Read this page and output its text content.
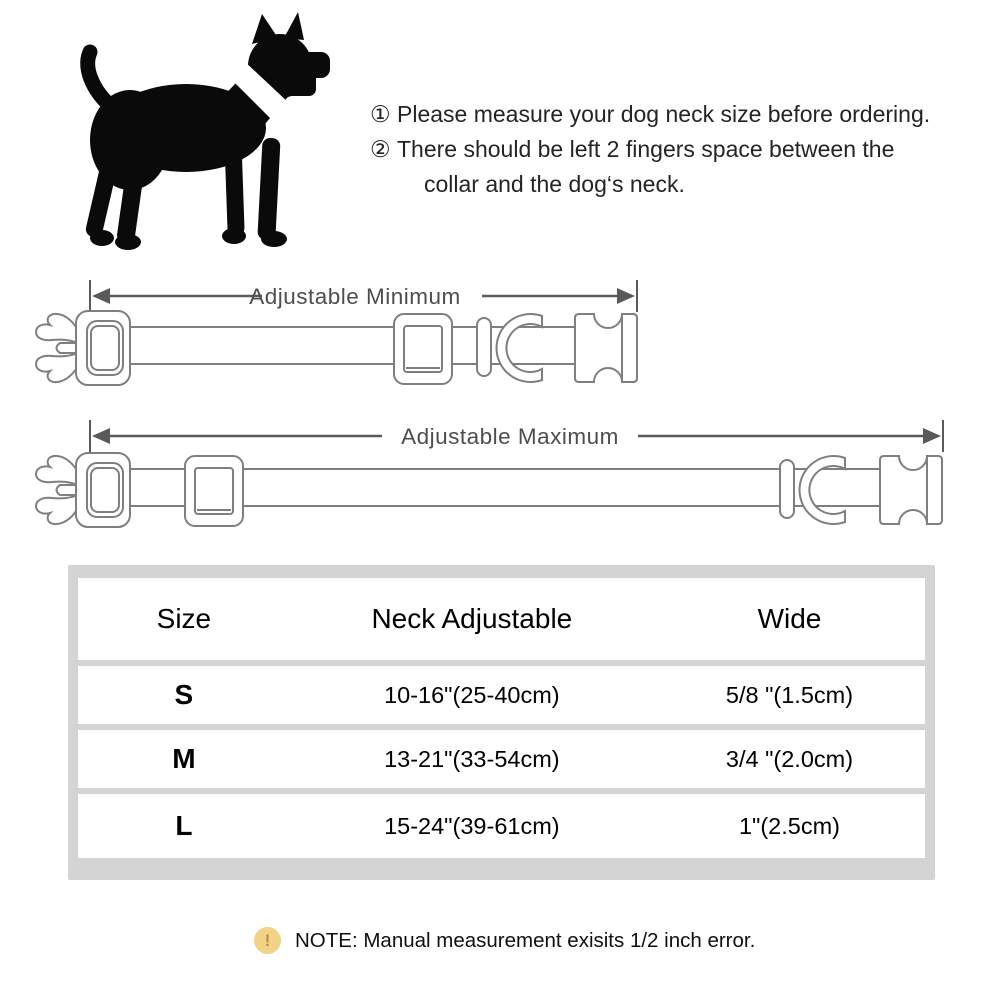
① Please measure your dog neck size before ordering.
② There should be left 2 fingers space between the
collar and the dog‘s neck.
Adjustable Minimum
Adjustable Maximum
Size	Neck Adjustable	Wide
S	10-16"(25-40cm)	5/8 "(1.5cm)
M	13-21"(33-54cm)	3/4 "(2.0cm)
L	15-24"(39-61cm)	1"(2.5cm)
!	NOTE: Manual measurement exisits 1/2 inch error.
